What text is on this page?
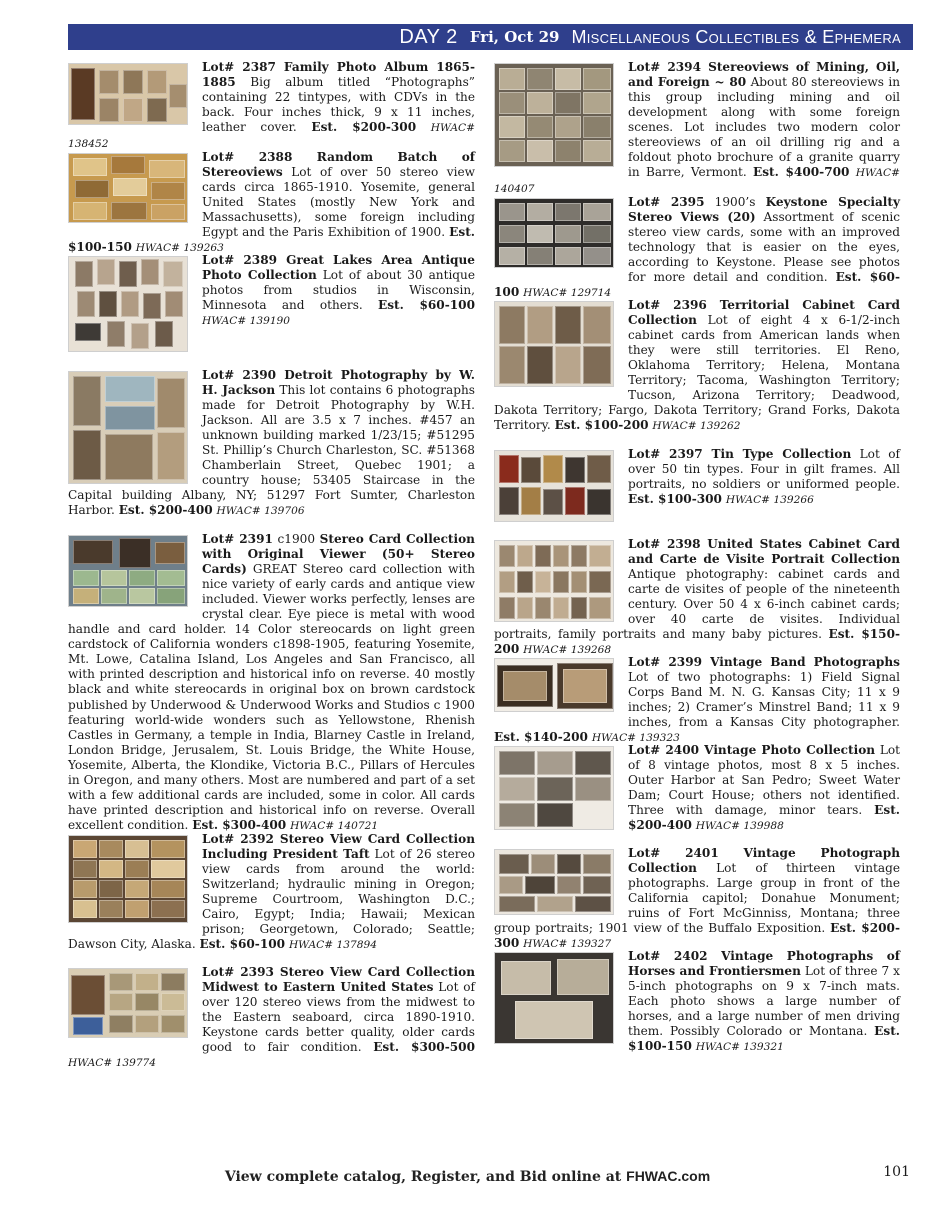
DAY 2 Fri, Oct 29 Miscellaneous Collectibles & Ephemera

Lot# 2387 Family Photo Album 1865-1885 Big album titled “Photographs” containing 22 tintypes, with CDVs in the back. Four inches thick, 9 x 11 inches, leather cover. Est. $200-300 HWAC# 138452

Lot# 2388 Random Batch of Stereoviews Lot of over 50 stereo view cards circa 1865-1910. Yosemite, general United States (mostly New York and Massachusetts), some foreign including Egypt and the Paris Exhibition of 1900. Est. $100-150 HWAC# 139263

Lot# 2389 Great Lakes Area Antique Photo Collection Lot of about 30 antique photos from studios in Wisconsin, Minnesota and others. Est. $60-100 HWAC# 139190

Lot# 2390 Detroit Photography by W. H. Jackson This lot contains 6 photographs made for Detroit Photography by W.H. Jackson. All are 3.5 x 7 inches. #457 an unknown building marked 1/23/15; #51295 St. Phillip’s Church Charleston, SC. #51368 Chamberlain Street, Quebec 1901; a country house; 53405 Staircase in the Capital building Albany, NY; 51297 Fort Sumter, Charleston Harbor. Est. $200-400 HWAC# 139706

Lot# 2391 c1900 Stereo Card Collection with Original Viewer (50+ Stereo Cards) GREAT Stereo card collection with nice variety of early cards and antique view included. Viewer works perfectly, lenses are crystal clear. Eye piece is metal with wood handle and card holder. 14 Color stereocards on light green cardstock of California wonders c1898-1905, featuring Yosemite, Mt. Lowe, Catalina Island, Los Angeles and San Francisco, all with printed description and historical info on reverse. 40 mostly black and white stereocards in original box on brown cardstock published by Underwood & Underwood Works and Studios c 1900 featuring world-wide wonders such as Yellowstone, Rhenish Castles in Germany, a temple in India, Blarney Castle in Ireland, London Bridge, Jerusalem, St. Louis Bridge, the White House, Yosemite, Alberta, the Klondike, Victoria B.C., Pillars of Hercules in Oregon, and many others. Most are numbered and part of a set with a few additional cards are included, some in color. All cards have printed description and historical info on reverse. Overall excellent condition. Est. $300-400 HWAC# 140721

Lot# 2392 Stereo View Card Collection Including President Taft Lot of 26 stereo view cards from around the world: Switzerland; hydraulic mining in Oregon; Supreme Courtroom, Washington D.C.; Cairo, Egypt; India; Hawaii; Mexican prison; Georgetown, Colorado; Seattle; Dawson City, Alaska. Est. $60-100 HWAC# 137894

Lot# 2393 Stereo View Card Collection Midwest to Eastern United States Lot of over 120 stereo views from the midwest to the Eastern seaboard, circa 1890-1910. Keystone cards better quality, older cards good to fair condition. Est. $300-500 HWAC# 139774

Lot# 2394 Stereoviews of Mining, Oil, and Foreign ~ 80 About 80 stereoviews in this group including mining and oil development along with some foreign scenes. Lot includes two modern color stereoviews of an oil drilling rig and a foldout photo brochure of a granite quarry in Barre, Vermont. Est. $400-700 HWAC# 140407

Lot# 2395 1900’s Keystone Specialty Stereo Views (20) Assortment of scenic stereo view cards, some with an improved technology that is easier on the eyes, according to Keystone. Please see photos for more detail and condition. Est. $60-100 HWAC# 129714

Lot# 2396 Territorial Cabinet Card Collection Lot of eight 4 x 6-1/2-inch cabinet cards from American lands when they were still territories. El Reno, Oklahoma Territory; Helena, Montana Territory; Tacoma, Washington Territory; Tucson, Arizona Territory; Deadwood, Dakota Territory; Fargo, Dakota Territory; Grand Forks, Dakota Territory. Est. $100-200 HWAC# 139262

Lot# 2397 Tin Type Collection Lot of over 50 tin types. Four in gilt frames. All portraits, no soldiers or uniformed people. Est. $100-300 HWAC# 139266

Lot# 2398 United States Cabinet Card and Carte de Visite Portrait Collection Antique photography: cabinet cards and carte de visites of people of the nineteenth century. Over 50 4 x 6-inch cabinet cards; over 40 carte de visites. Individual portraits, family portraits and many baby pictures. Est. $150-200 HWAC# 139268

Lot# 2399 Vintage Band Photographs Lot of two photographs: 1) Field Signal Corps Band M. N. G. Kansas City; 11 x 9 inches; 2) Cramer’s Minstrel Band; 11 x 9 inches, from a Kansas City photographer. Est. $140-200 HWAC# 139323

Lot# 2400 Vintage Photo Collection Lot of 8 vintage photos, most 8 x 5 inches. Outer Harbor at San Pedro; Sweet Water Dam; Court House; others not identified. Three with damage, minor tears. Est. $200-400 HWAC# 139988

Lot# 2401 Vintage Photograph Collection Lot of thirteen vintage photographs. Large group in front of the California capitol; Donahue Monument; ruins of Fort McGinniss, Montana; three group portraits; 1901 view of the Buffalo Exposition. Est. $200-300 HWAC# 139327

Lot# 2402 Vintage Photographs of Horses and Frontiersmen Lot of three 7 x 5-inch photographs on 9 x 7-inch mats. Each photo shows a large number of horses, and a large number of men driving them. Possibly Colorado or Montana. Est. $100-150 HWAC# 139321

View complete catalog, Register, and Bid online at FHWAC.com	101
